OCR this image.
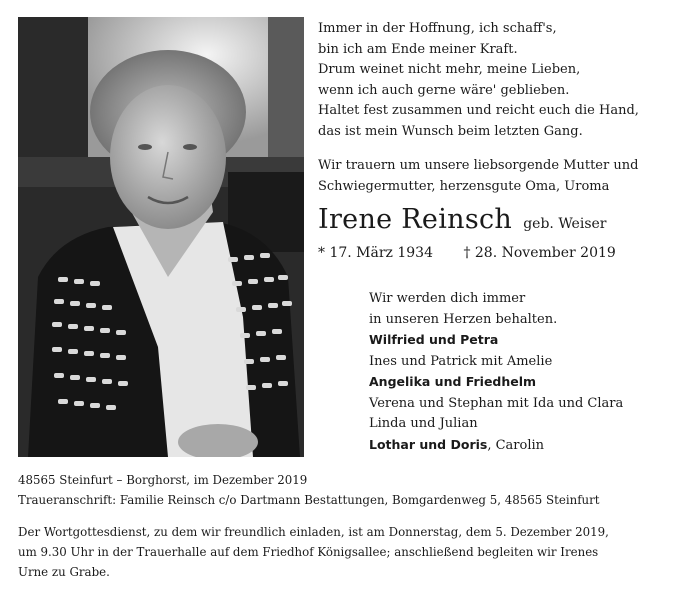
Immer in der Hoffnung, ich schaff's,
bin ich am Ende meiner Kraft.
Drum weinet nicht mehr, meine Lieben,
wenn ich auch gerne wäre' geblieben.
Haltet fest zusammen und reicht euch die Hand,
das ist mein Wunsch beim letzten Gang.
Wir trauern um unsere liebsorgende Mutter und
Schwiegermutter, herzensgute Oma, Uroma
Irene Reinsch geb. Weiser
* 17. März 1934 † 28. November 2019
Wir werden dich immer
in unseren Herzen behalten.
Wilfried und Petra
Ines und Patrick mit Amelie
Angelika und Friedhelm
Verena und Stephan mit Ida und Clara
Linda und Julian
Lothar und Doris, Carolin
48565 Steinfurt – Borghorst, im Dezember 2019
Traueranschrift: Familie Reinsch c/o Dartmann Bestattungen, Bomgardenweg 5, 48565 Steinfurt
Der Wortgottesdienst, zu dem wir freundlich einladen, ist am Donnerstag, dem 5. Dezember 2019,
um 9.30 Uhr in der Trauerhalle auf dem Friedhof Königsallee; anschließend begleiten wir Irenes
Urne zu Grabe.
